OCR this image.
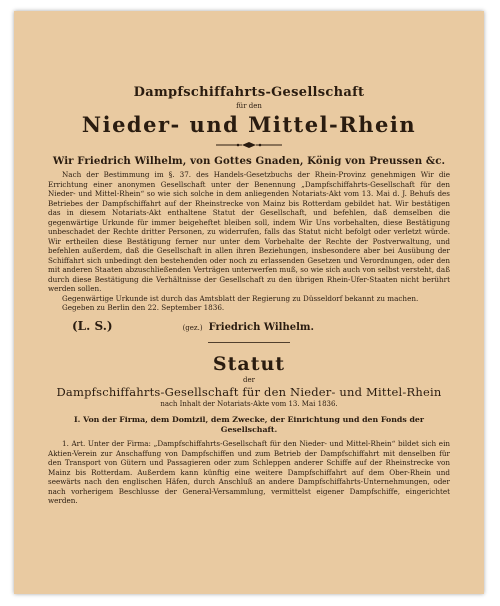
Dampfschiffahrts-Gesellschaft
für den
Nieder- und Mittel-Rhein
Wir Friedrich Wilhelm, von Gottes Gnaden, König von Preussen &c.

Nach der Bestimmung im §. 37. des Handels-Gesetzbuchs der Rhein-Provinz genehmigen Wir die Errichtung einer anonymen Gesellschaft unter der Benennung „Dampfschiffahrts-Gesellschaft für den Nieder- und Mittel-Rhein“ so wie sich solche in dem anliegenden Notariats-Akt vom 13. Mai d. J. Behufs des Betriebes der Dampfschiffahrt auf der Rheinstrecke von Mainz bis Rotterdam gebildet hat. Wir bestätigen das in diesem Notariats-Akt enthaltene Statut der Gesellschaft, und befehlen, daß demselben die gegenwärtige Urkunde für immer beigeheftet bleiben soll, indem Wir Uns vorbehalten, diese Bestätigung unbeschadet der Rechte dritter Personen, zu widerrufen, falls das Statut nicht befolgt oder verletzt würde. Wir ertheilen diese Bestätigung ferner nur unter dem Vorbehalte der Rechte der Postverwaltung, und befehlen außerdem, daß die Gesellschaft in allen ihren Beziehungen, insbesondere aber bei Ausübung der Schiffahrt sich unbedingt den bestehenden oder noch zu erlassenden Gesetzen und Verordnungen, oder den mit anderen Staaten abzuschließenden Verträgen unterwerfen muß, so wie sich auch von selbst versteht, daß durch diese Bestätigung die Verhältnisse der Gesellschaft zu den übrigen Rhein-Ufer-Staaten nicht berührt werden sollen.

Gegenwärtige Urkunde ist durch das Amtsblatt der Regierung zu Düsseldorf bekannt zu machen.

Gegeben zu Berlin den 22. September 1836.
(L. S.)	(gez.) Friedrich Wilhelm.
Statut
der
Dampfschiffahrts-Gesellschaft für den Nieder- und Mittel-Rhein
nach Inhalt der Notariats-Akte vom 13. Mai 1836.
I. Von der Firma, dem Domizil, dem Zwecke, der Einrichtung und den Fonds der Gesellschaft.

1. Art. Unter der Firma: „Dampfschiffahrts-Gesellschaft für den Nieder- und Mittel-Rhein“ bildet sich ein Aktien-Verein zur Anschaffung von Dampfschiffen und zum Betrieb der Dampfschiffahrt mit denselben für den Transport von Gütern und Passagieren oder zum Schleppen anderer Schiffe auf der Rheinstrecke von Mainz bis Rotterdam. Außerdem kann künftig eine weitere Dampfschiffahrt auf dem Ober-Rhein und seewärts nach den englischen Häfen, durch Anschluß an andere Dampfschiffahrts-Unternehmungen, oder nach vorherigem Beschlusse der General-Versammlung, vermittelst eigener Dampfschiffe, eingerichtet werden.
